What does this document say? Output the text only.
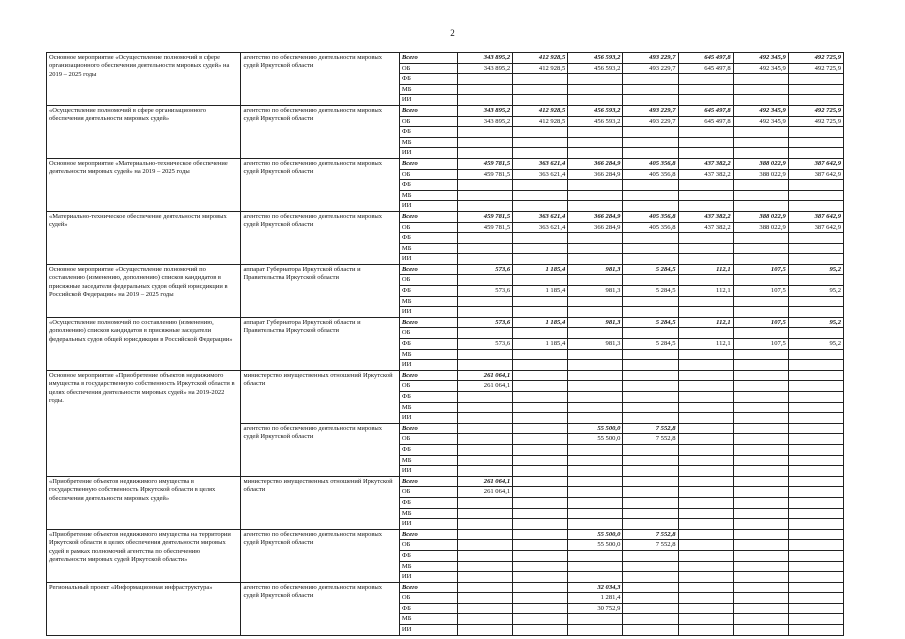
2
Основное мероприятие «Осуществление полномочий в сфере организационного обеспечения деятельности мировых судей» на 2019 – 2025 годы	агентство по обеспечению деятельности мировых судей Иркутской области	Всего	343 895,2	412 928,5	456 593,2	493 229,7	645 497,8	492 345,9	492 725,9
		ОБ	343 895,2	412 928,5	456 593,2	493 229,7	645 497,8	492 345,9	492 725,9
		ФБ							
		МБ							
		ИИ							
«Осуществление полномочий в сфере организационного обеспечения деятельности мировых судей»	агентство по обеспечению деятельности мировых судей Иркутской области	Всего	343 895,2	412 928,5	456 593,2	493 229,7	645 497,8	492 345,9	492 725,9
		ОБ	343 895,2	412 928,5	456 593,2	493 229,7	645 497,8	492 345,9	492 725,9
		ФБ							
		МБ							
		ИИ							
Основное мероприятие «Материально-техническое обеспечение деятельности мировых судей» на 2019 – 2025 годы	агентство по обеспечению деятельности мировых судей Иркутской области	Всего	459 781,5	363 621,4	366 284,9	405 356,8	437 382,2	388 022,9	387 642,9
		ОБ	459 781,5	363 621,4	366 284,9	405 356,8	437 382,2	388 022,9	387 642,9
		ФБ							
		МБ							
		ИИ							
«Материально-техническое обеспечение деятельности мировых судей»	агентство по обеспечению деятельности мировых судей Иркутской области	Всего	459 781,5	363 621,4	366 284,9	405 356,8	437 382,2	388 022,9	387 642,9
		ОБ	459 781,5	363 621,4	366 284,9	405 356,8	437 382,2	388 022,9	387 642,9
		ФБ							
		МБ							
		ИИ							
Основное мероприятие «Осуществление полномочий по составлению (изменению, дополнению) списков кандидатов в присяжные заседатели федеральных судов общей юрисдикции в Российской Федерации» на 2019 – 2025 годы	аппарат Губернатора Иркутской области и Правительства Иркутской области	Всего	573,6	1 185,4	981,3	5 284,5	112,1	107,5	95,2
		ОБ							
		ФБ	573,6	1 185,4	981,3	5 284,5	112,1	107,5	95,2
		МБ							
		ИИ							
«Осуществление полномочий по составлению (изменению, дополнению) списков кандидатов в присяжные заседатели федеральных судов общей юрисдикции в Российской Федерации»	аппарат Губернатора Иркутской области и Правительства Иркутской области	Всего	573,6	1 185,4	981,3	5 284,5	112,1	107,5	95,2
		ОБ							
		ФБ	573,6	1 185,4	981,3	5 284,5	112,1	107,5	95,2
		МБ							
		ИИ							
Основное мероприятие «Приобретение объектов недвижимого имущества в государственную собственность Иркутской области в целях обеспечения деятельности мировых судей» на 2019-2022 годы.	министерство имущественных отношений Иркутской области	Всего	261 064,1						
		ОБ	261 064,1						
		ФБ							
		МБ							
		ИИ							
	агентство по обеспечению деятельности мировых судей Иркутской области	Всего			55 500,0	7 552,8			
		ОБ			55 500,0	7 552,8			
		ФБ							
		МБ							
		ИИ							
«Приобретение объектов недвижимого имущества в государственную собственность Иркутской области в целях обеспечения деятельности мировых судей»	министерство имущественных отношений Иркутской области	Всего	261 064,1						
		ОБ	261 064,1						
		ФБ							
		МБ							
		ИИ							
«Приобретение объектов недвижимого имущества на территории Иркутской области в целях обеспечения деятельности мировых судей в рамках полномочий агентства по обеспечению деятельности мировых судей Иркутской области»	агентство по обеспечению деятельности мировых судей Иркутской области	Всего			55 500,0	7 552,8			
		ОБ			55 500,0	7 552,8			
		ФБ							
		МБ							
		ИИ							
Региональный проект «Информационная инфраструктура»	агентство по обеспечению деятельности мировых судей Иркутской области	Всего			32 034,3				
		ОБ			1 281,4				
		ФБ			30 752,9				
		МБ							
		ИИ							
